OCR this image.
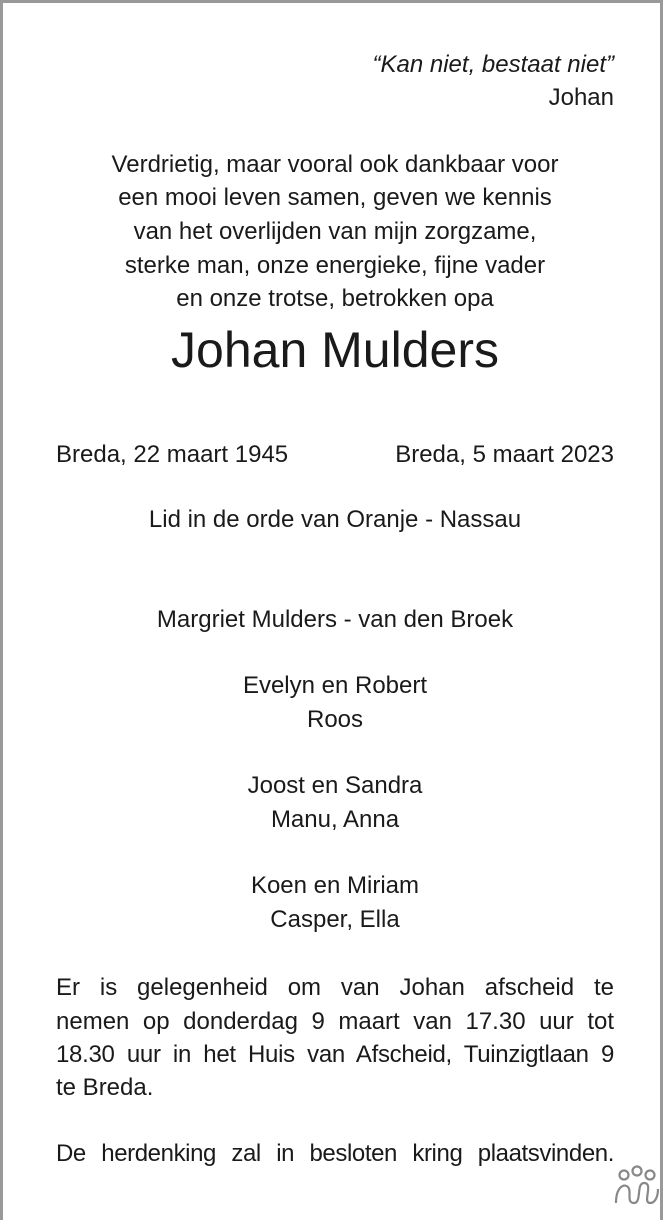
“Kan niet, bestaat niet”
Johan
Verdrietig, maar vooral ook dankbaar voor
een mooi leven samen, geven we kennis
van het overlijden van mijn zorgzame,
sterke man, onze energieke, fijne vader
en onze trotse, betrokken opa
Johan Mulders
Breda, 22 maart 1945	Breda, 5 maart 2023
Lid in de orde van Oranje - Nassau
Margriet Mulders - van den Broek
Evelyn en Robert
Roos
Joost en Sandra
Manu, Anna
Koen en Miriam
Casper, Ella
Er is gelegenheid om van Johan afscheid te
nemen op donderdag 9 maart van 17.30 uur tot
18.30 uur in het Huis van Afscheid, Tuinzigtlaan 9
te Breda.
De herdenking zal in besloten kring plaatsvinden.
